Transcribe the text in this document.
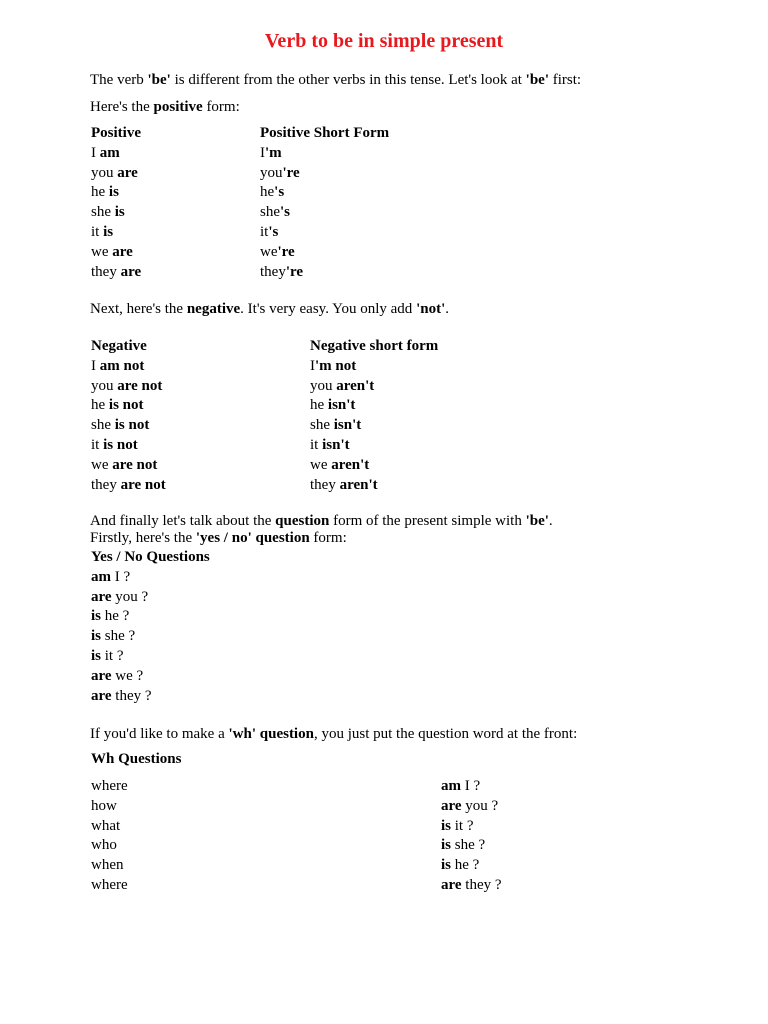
Verb to be in simple present
The verb 'be' is different from the other verbs in this tense. Let's look at 'be' first:
Here's the positive form:
Positive
I am
you are
he is
she is
it is
we are
they are
Positive Short Form
I'm
you're
he's
she's
it's
we're
they're
Next, here's the negative. It's very easy. You only add 'not'.
Negative
I am not
you are not
he is not
she is not
it is not
we are not
they are not
Negative short form
I'm not
you aren't
he isn't
she isn't
it isn't
we aren't
they aren't
And finally let's talk about the question form of the present simple with 'be'.
Firstly, here's the 'yes / no' question form:
Yes / No Questions
am I ?
are you ?
is he ?
is she ?
is it ?
are we ?
are they ?
If you'd like to make a 'wh' question, you just put the question word at the front:
Wh Questions
where
how
what
who
when
where
am I ?
are you ?
is it ?
is she ?
is he ?
are they ?
